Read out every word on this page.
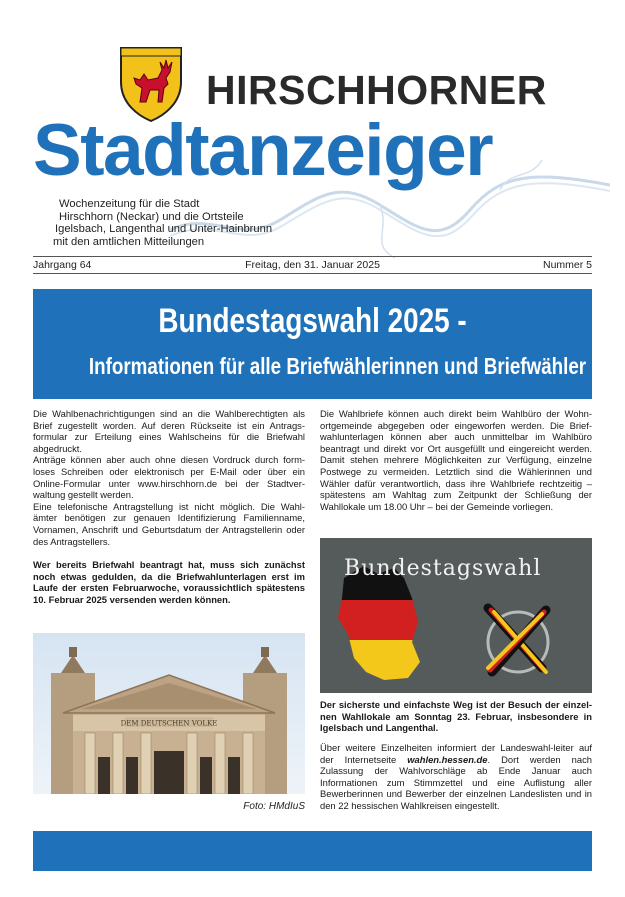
HIRSCHHORNER
Stadtanzeiger
Wochenzeitung für die Stadt
Hirschhorn (Neckar) und die Ortsteile
Igelsbach, Langenthal und Unter-Hainbrunn
mit den amtlichen Mitteilungen
Jahrgang 64	Freitag, den 31. Januar 2025	Nummer 5
Bundestagswahl 2025 -
Informationen für alle Briefwählerinnen und Briefwähler

Die Wahlbenachrichtigungen sind an die Wahlberechtigten als Brief zugestellt worden. Auf deren Rückseite ist ein Antrags-formular zur Erteilung eines Wahlscheins für die Briefwahl abgedruckt.

Anträge können aber auch ohne diesen Vordruck durch form-loses Schreiben oder elektronisch per E-Mail oder über ein Online-Formular unter www.hirschhorn.de bei der Stadtver-waltung gestellt werden.

Eine telefonische Antragstellung ist nicht möglich. Die Wahl-ämter benötigen zur genauen Identifizierung Familienname, Vornamen, Anschrift und Geburtsdatum der Antragstellerin oder des Antragstellers.

Wer bereits Briefwahl beantragt hat, muss sich zunächst noch etwas gedulden, da die Briefwahlunterlagen erst im Laufe der ersten Februarwoche, voraussichtlich spätestens 10. Februar 2025 versenden werden können.

DEM DEUTSCHEN VOLKE
Foto: HMdIuS

Die Wahlbriefe können auch direkt beim Wahlbüro der Wohn-ortgemeinde abgegeben oder eingeworfen werden. Die Brief-wahlunterlagen können aber auch unmittelbar im Wahlbüro beantragt und direkt vor Ort ausgefüllt und eingereicht werden. Damit stehen mehrere Möglichkeiten zur Verfügung, einzelne Postwege zu vermeiden. Letztlich sind die Wählerinnen und Wähler dafür verantwortlich, dass ihre Wahlbriefe rechtzeitig – spätestens am Wahltag zum Zeitpunkt der Schließung der Wahllokale um 18.00 Uhr – bei der Gemeinde vorliegen.

Bundestagswahl
Der sicherste und einfachste Weg ist der Besuch der einzel-nen Wahllokale am Sonntag 23. Februar, insbesondere in Igelsbach und Langenthal.

Über weitere Einzelheiten informiert der Landeswahl-leiter auf der Internetseite wahlen.hessen.de. Dort werden nach Zulassung der Wahlvorschläge ab Ende Januar auch Informationen zum Stimmzettel und eine Auflistung aller Bewerberinnen und Bewerber der einzelnen Landeslisten und in den 22 hessischen Wahlkreisen eingestellt.
